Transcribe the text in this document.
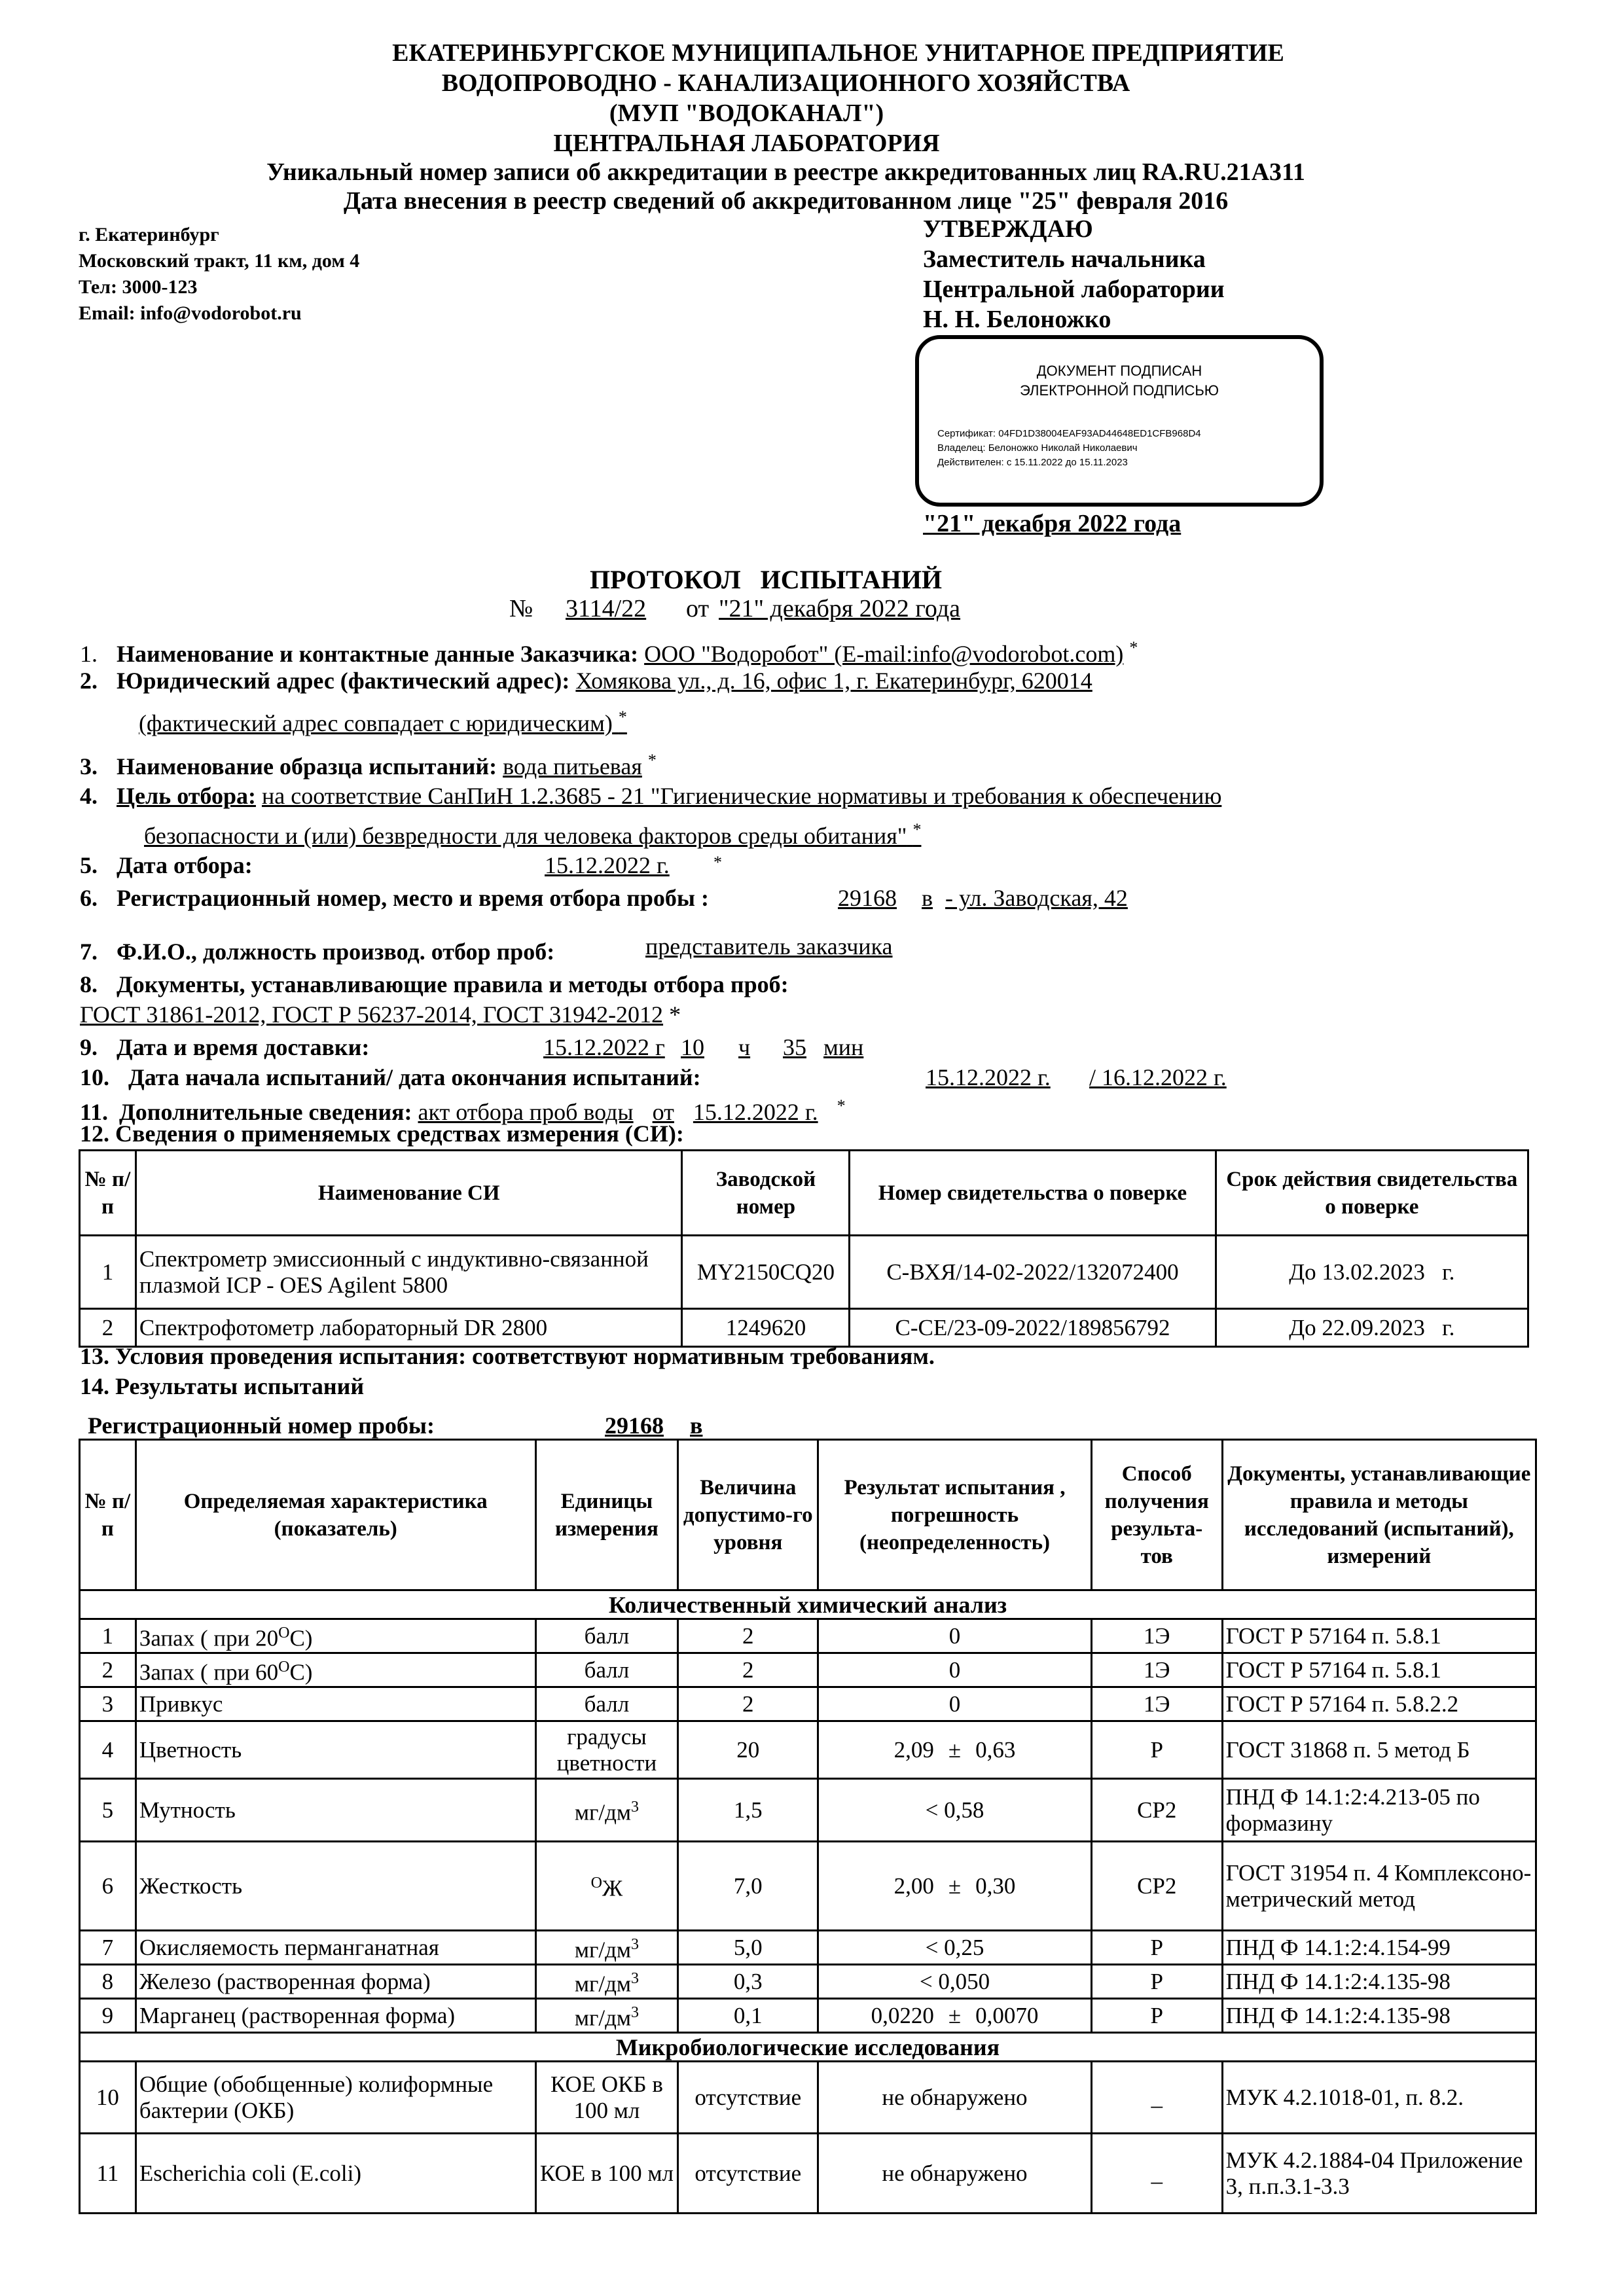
ЕКАТЕРИНБУРГСКОЕ МУНИЦИПАЛЬНОЕ УНИТАРНОЕ ПРЕДПРИЯТИЕ
ВОДОПРОВОДНО - КАНАЛИЗАЦИОННОГО ХОЗЯЙСТВА
(МУП "ВОДОКАНАЛ")
ЦЕНТРАЛЬНАЯ ЛАБОРАТОРИЯ
Уникальный номер записи об аккредитации в реестре аккредитованных лиц RA.RU.21А311
Дата внесения в реестр сведений об аккредитованном лице "25" февраля 2016
г. Екатеринбург
Московский тракт, 11 км, дом 4
Тел: 3000-123
Email: info@vodorobot.ru
УТВЕРЖДАЮ
Заместитель начальника
Центральной лаборатории
Н. Н. Белоножко
ДОКУМЕНТ ПОДПИСАН
ЭЛЕКТРОННОЙ ПОДПИСЬЮ
Сертификат: 04FD1D38004EAF93AD44648ED1CFB968D4
Владелец: Белоножко Николай Николаевич
Действителен: с 15.11.2022 до 15.11.2023
"21" декабря 2022 года
ПРОТОКОЛ   ИСПЫТАНИЙ
№ 3114/22 от "21" декабря 2022 года
1. Наименование и контактные данные Заказчика: ООО "Водоробот" (E-mail:info@vodorobot.com) *
2. Юридический адрес (фактический адрес): Хомякова ул., д. 16, офис 1, г. Екатеринбург, 620014
(фактический адрес совпадает с юридическим) *
3. Наименование образца испытаний: вода питьевая *
4. Цель отбора: на соответствие СанПиН 1.2.3685 - 21 "Гигиенические нормативы и требования к обеспечению
безопасности и (или) безвредности для человека факторов среды обитания" *
5. Дата отбора:	15.12.2022 г.	*
6. Регистрационный номер, место и время отбора пробы :	29168 в - ул. Заводская, 42
7. Ф.И.О., должность производ. отбор проб:	представитель заказчика
8. Документы, устанавливающие правила и методы отбора проб:
ГОСТ 31861-2012, ГОСТ Р 56237-2014, ГОСТ 31942-2012 *
9. Дата и время доставки:	15.12.2022 г 10	ч	35 мин
10. Дата начала испытаний/ дата окончания испытаний:	15.12.2022 г.	/ 16.12.2022 г.
11. Дополнительные сведения: акт отбора проб воды от 15.12.2022 г. *
12. Сведения о применяемых средствах измерения (СИ):
№ п/п	Наименование СИ	Заводской номер	Номер свидетельства о поверке	Срок действия свидетельства о поверке
1	Спектрометр эмиссионный с индуктивно-связанной плазмой ICP - OES Agilent 5800	MY2150CQ20	С-ВХЯ/14-02-2022/132072400	До 13.02.2023 г.
2	Спектрофотометр лабораторный DR 2800	1249620	С-СЕ/23-09-2022/189856792	До 22.09.2023 г.
13. Условия проведения испытания: соответствуют нормативным требованиям.
14. Результаты испытаний
Регистрационный номер пробы:	29168 в
№ п/п	Определяемая характеристика (показатель)	Единицы измерения	Величина допустимо-го уровня	Результат испытания , погрешность (неопределенность)	Способ получения результа-тов	Документы, устанавливающие правила и методы исследований (испытаний), измерений
Количественный химический анализ						
1	Запах ( при $20^ОС$)	балл	2	0	1Э	ГОСТ Р 57164 п. 5.8.1
2	Запах ( при $60^ОС$)	балл	2	0	1Э	ГОСТ Р 57164 п. 5.8.1
3	Привкус	балл	2	0	1Э	ГОСТ Р 57164 п. 5.8.2.2
4	Цветность	градусы цветности	20	2,09 ± 0,63	Р	ГОСТ 31868 п. 5 метод Б
5	Мутность	$мг/дм^3$	1,5	< 0,58	СР2	ПНД Ф 14.1:2:4.213-05 по формазину
6	Жесткость	$^О$Ж	7,0	2,00 ± 0,30	СР2	ГОСТ 31954 п. 4 Комплексоно-метрический метод
7	Окисляемость перманганатная	$мг/дм^3$	5,0	< 0,25	Р	ПНД Ф 14.1:2:4.154-99
8	Железо (растворенная форма)	$мг/дм^3$	0,3	< 0,050	Р	ПНД Ф 14.1:2:4.135-98
9	Марганец (растворенная форма)	$мг/дм^3$	0,1	0,0220 ± 0,0070	Р	ПНД Ф 14.1:2:4.135-98
Микробиологические исследования						
10	Общие (обобщенные) колиформные бактерии (ОКБ)	КОЕ ОКБ в 100 мл	отсутствие	не обнаружено	_	МУК 4.2.1018-01, п. 8.2.
11	Escherichia coli (E.coli)	КОЕ в 100 мл	отсутствие	не обнаружено	_	МУК 4.2.1884-04 Приложение 3, п.п.3.1-3.3
